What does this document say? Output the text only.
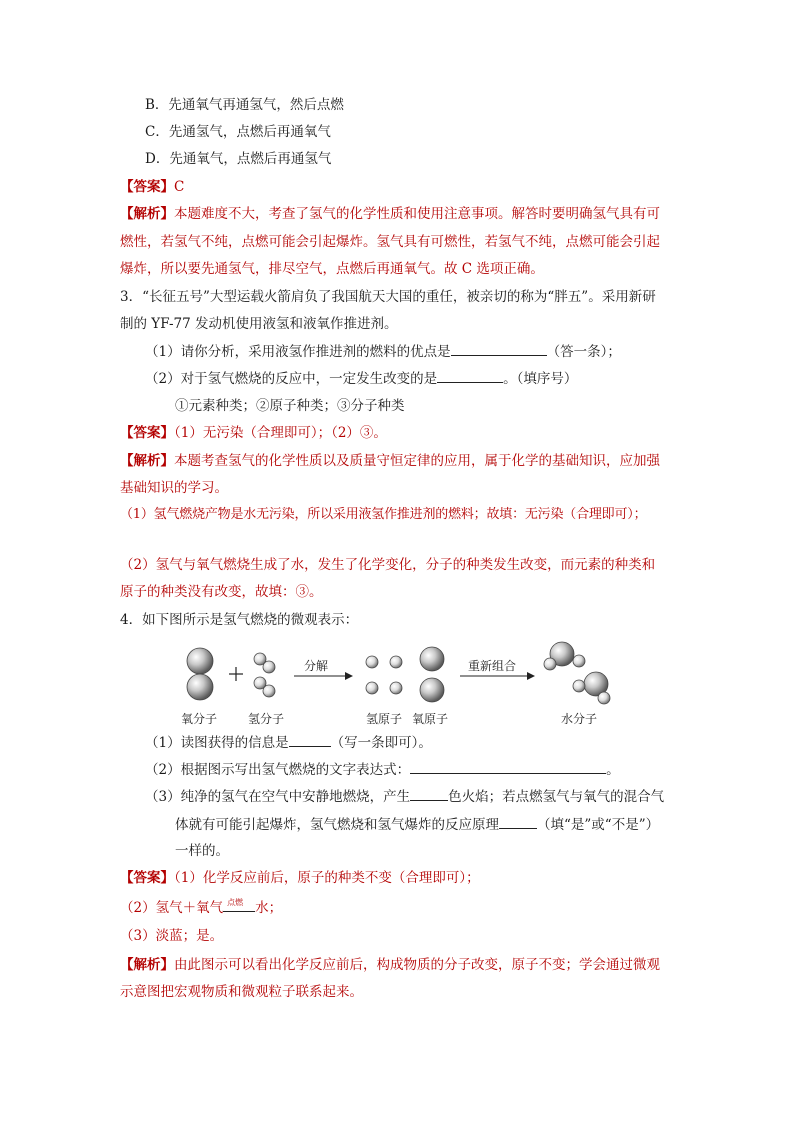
B．先通氧气再通氢气，然后点燃
C．先通氢气，点燃后再通氧气
D．先通氧气，点燃后再通氢气
【答案】C
【解析】本题难度不大，考查了氢气的化学性质和使用注意事项。解答时要明确氢气具有可
燃性，若氢气不纯，点燃可能会引起爆炸。氢气具有可燃性，若氢气不纯，点燃可能会引起
爆炸，所以要先通氢气，排尽空气，点燃后再通氧气。故 C 选项正确。
3．“长征五号”大型运载火箭肩负了我国航天大国的重任，被亲切的称为“胖五”。采用新研
制的 YF-77 发动机使用液氢和液氧作推进剂。
（1）请你分析，采用液氢作推进剂的燃料的优点是	（答一条）；
（2）对于氢气燃烧的反应中，一定发生改变的是	。（填序号）
①元素种类；②原子种类；③分子种类
【答案】（1）无污染（合理即可）；（2）③。
【解析】本题考查氢气的化学性质以及质量守恒定律的应用，属于化学的基础知识，应加强
基础知识的学习。
（1）氢气燃烧产物是水无污染，所以采用液氢作推进剂的燃料；故填：无污染（合理即可）；
（2）氢气与氧气燃烧生成了水，发生了化学变化，分子的种类发生改变，而元素的种类和
原子的种类没有改变，故填：③。
4．如下图所示是氢气燃烧的微观表示：
分解	重新组合
氧分子	氢分子	氢原子 氧原子	水分子
（1）读图获得的信息是	（写一条即可）。
（2）根据图示写出氢气燃烧的文字表达式：	。
（3）纯净的氢气在空气中安静地燃烧，产生	色火焰；若点燃氢气与氧气的混合气
体就有可能引起爆炸，氢气燃烧和氢气爆炸的反应原理	（填“是”或“不是”）
一样的。
【答案】（1）化学反应前后，原子的种类不变（合理即可）；
（2）氢气＋氧气 点燃 水；
（3）淡蓝；是。
【解析】由此图示可以看出化学反应前后，构成物质的分子改变，原子不变；学会通过微观
示意图把宏观物质和微观粒子联系起来。
